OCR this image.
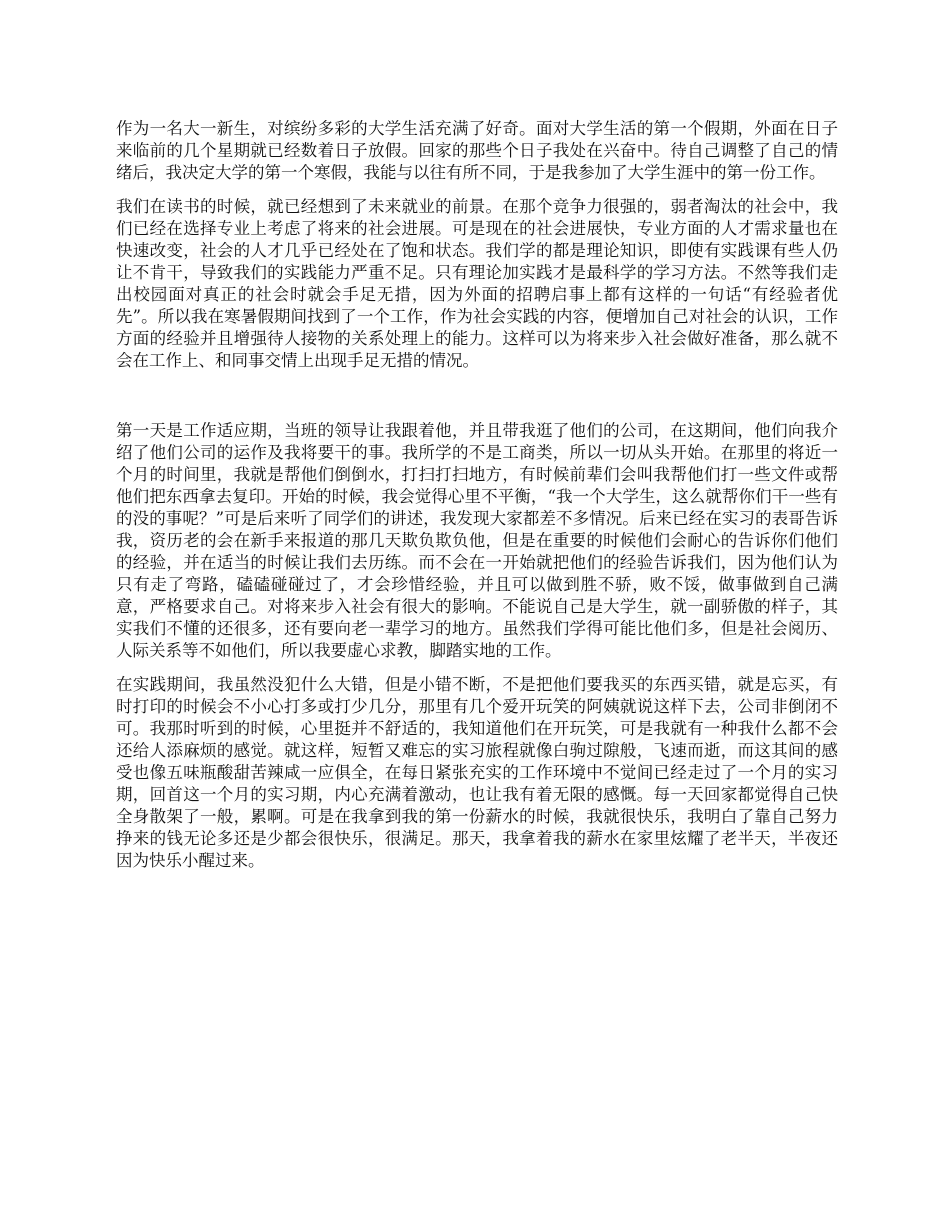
作为一名大一新生，对缤纷多彩的大学生活充满了好奇。面对大学生活的第一个假期，外面在日子来临前的几个星期就已经数着日子放假。回家的那些个日子我处在兴奋中。待自己调整了自己的情绪后，我决定大学的第一个寒假，我能与以往有所不同，于是我参加了大学生涯中的第一份工作。

我们在读书的时候，就已经想到了未来就业的前景。在那个竞争力很强的，弱者淘汰的社会中，我们已经在选择专业上考虑了将来的社会进展。可是现在的社会进展快，专业方面的人才需求量也在快速改变，社会的人才几乎已经处在了饱和状态。我们学的都是理论知识，即使有实践课有些人仍让不肯干，导致我们的实践能力严重不足。只有理论加实践才是最科学的学习方法。不然等我们走出校园面对真正的社会时就会手足无措，因为外面的招聘启事上都有这样的一句话“有经验者优先”。所以我在寒暑假期间找到了一个工作，作为社会实践的内容，便增加自己对社会的认识，工作方面的经验并且增强待人接物的关系处理上的能力。这样可以为将来步入社会做好准备，那么就不会在工作上、和同事交情上出现手足无措的情况。

第一天是工作适应期，当班的领导让我跟着他，并且带我逛了他们的公司，在这期间，他们向我介绍了他们公司的运作及我将要干的事。我所学的不是工商类，所以一切从头开始。在那里的将近一个月的时间里，我就是帮他们倒倒水，打扫打扫地方，有时候前辈们会叫我帮他们打一些文件或帮他们把东西拿去复印。开始的时候，我会觉得心里不平衡，“我一个大学生，这么就帮你们干一些有的没的事呢？”可是后来听了同学们的讲述，我发现大家都差不多情况。后来已经在实习的表哥告诉我，资历老的会在新手来报道的那几天欺负欺负他，但是在重要的时候他们会耐心的告诉你们他们的经验，并在适当的时候让我们去历练。而不会在一开始就把他们的经验告诉我们，因为他们认为只有走了弯路，磕磕碰碰过了，才会珍惜经验，并且可以做到胜不骄，败不馁，做事做到自己满意，严格要求自己。对将来步入社会有很大的影响。不能说自己是大学生，就一副骄傲的样子，其实我们不懂的还很多，还有要向老一辈学习的地方。虽然我们学得可能比他们多，但是社会阅历、人际关系等不如他们，所以我要虚心求教，脚踏实地的工作。

在实践期间，我虽然没犯什么大错，但是小错不断，不是把他们要我买的东西买错，就是忘买，有时打印的时候会不小心打多或打少几分，那里有几个爱开玩笑的阿姨就说这样下去，公司非倒闭不可。我那时听到的时候，心里挺并不舒适的，我知道他们在开玩笑，可是我就有一种我什么都不会还给人添麻烦的感觉。就这样，短暂又难忘的实习旅程就像白驹过隙般，飞速而逝，而这其间的感受也像五味瓶酸甜苦辣咸一应俱全，在每日紧张充实的工作环境中不觉间已经走过了一个月的实习期，回首这一个月的实习期，内心充满着激动，也让我有着无限的感慨。每一天回家都觉得自己快全身散架了一般，累啊。可是在我拿到我的第一份薪水的时候，我就很快乐，我明白了靠自己努力挣来的钱无论多还是少都会很快乐，很满足。那天，我拿着我的薪水在家里炫耀了老半天，半夜还因为快乐小醒过来。
